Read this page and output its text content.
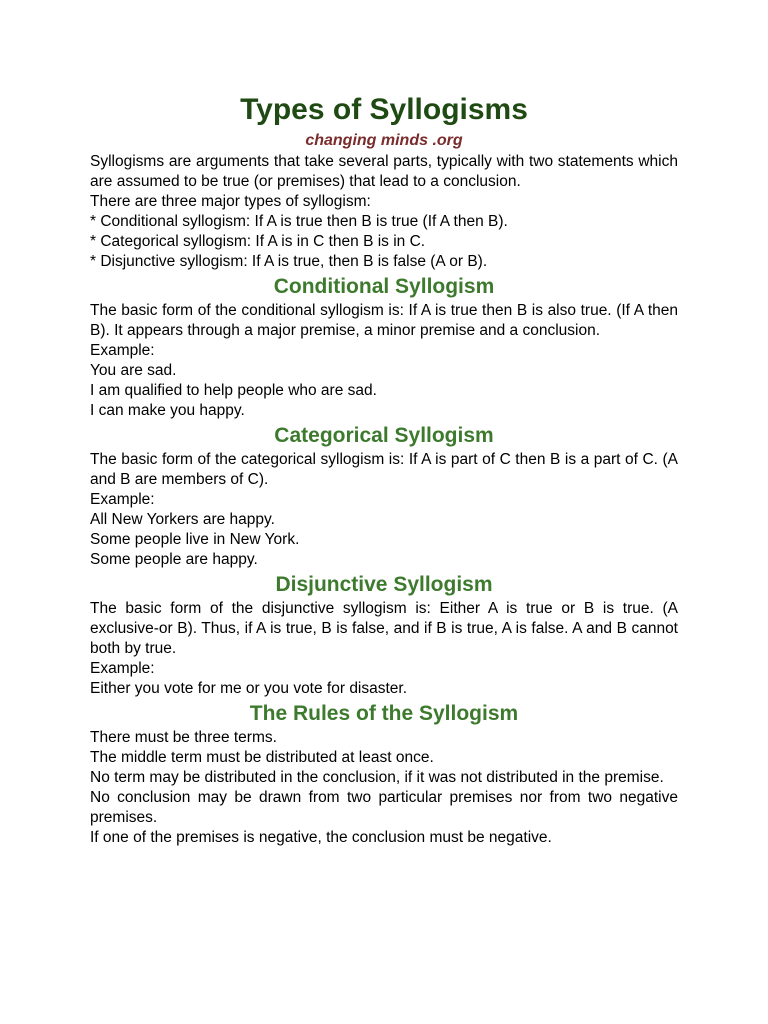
Types of Syllogisms
changing minds .org

Syllogisms are arguments that take several parts, typically with two statements which are assumed to be true (or premises) that lead to a conclusion.

There are three major types of syllogism:

* Conditional syllogism: If A is true then B is true (If A then B).

* Categorical syllogism: If A is in C then B is in C.

* Disjunctive syllogism: If A is true, then B is false (A or B).

Conditional Syllogism

The basic form of the conditional syllogism is: If A is true then B is also true. (If A then B). It appears through a major premise, a minor premise and a conclusion.

Example:

You are sad.

I am qualified to help people who are sad.

I can make you happy.

Categorical Syllogism

The basic form of the categorical syllogism is: If A is part of C then B is a part of C. (A and B are members of C).

Example:

All New Yorkers are happy.

Some people live in New York.

Some people are happy.

Disjunctive Syllogism

The basic form of the disjunctive syllogism is: Either A is true or B is true. (A exclusive-or B). Thus, if A is true, B is false, and if B is true, A is false. A and B cannot both by true.

Example:

Either you vote for me or you vote for disaster.

The Rules of the Syllogism

There must be three terms.

The middle term must be distributed at least once.

No term may be distributed in the conclusion, if it was not distributed in the premise.

No conclusion may be drawn from two particular premises nor from two negative premises.

If one of the premises is negative, the conclusion must be negative.
